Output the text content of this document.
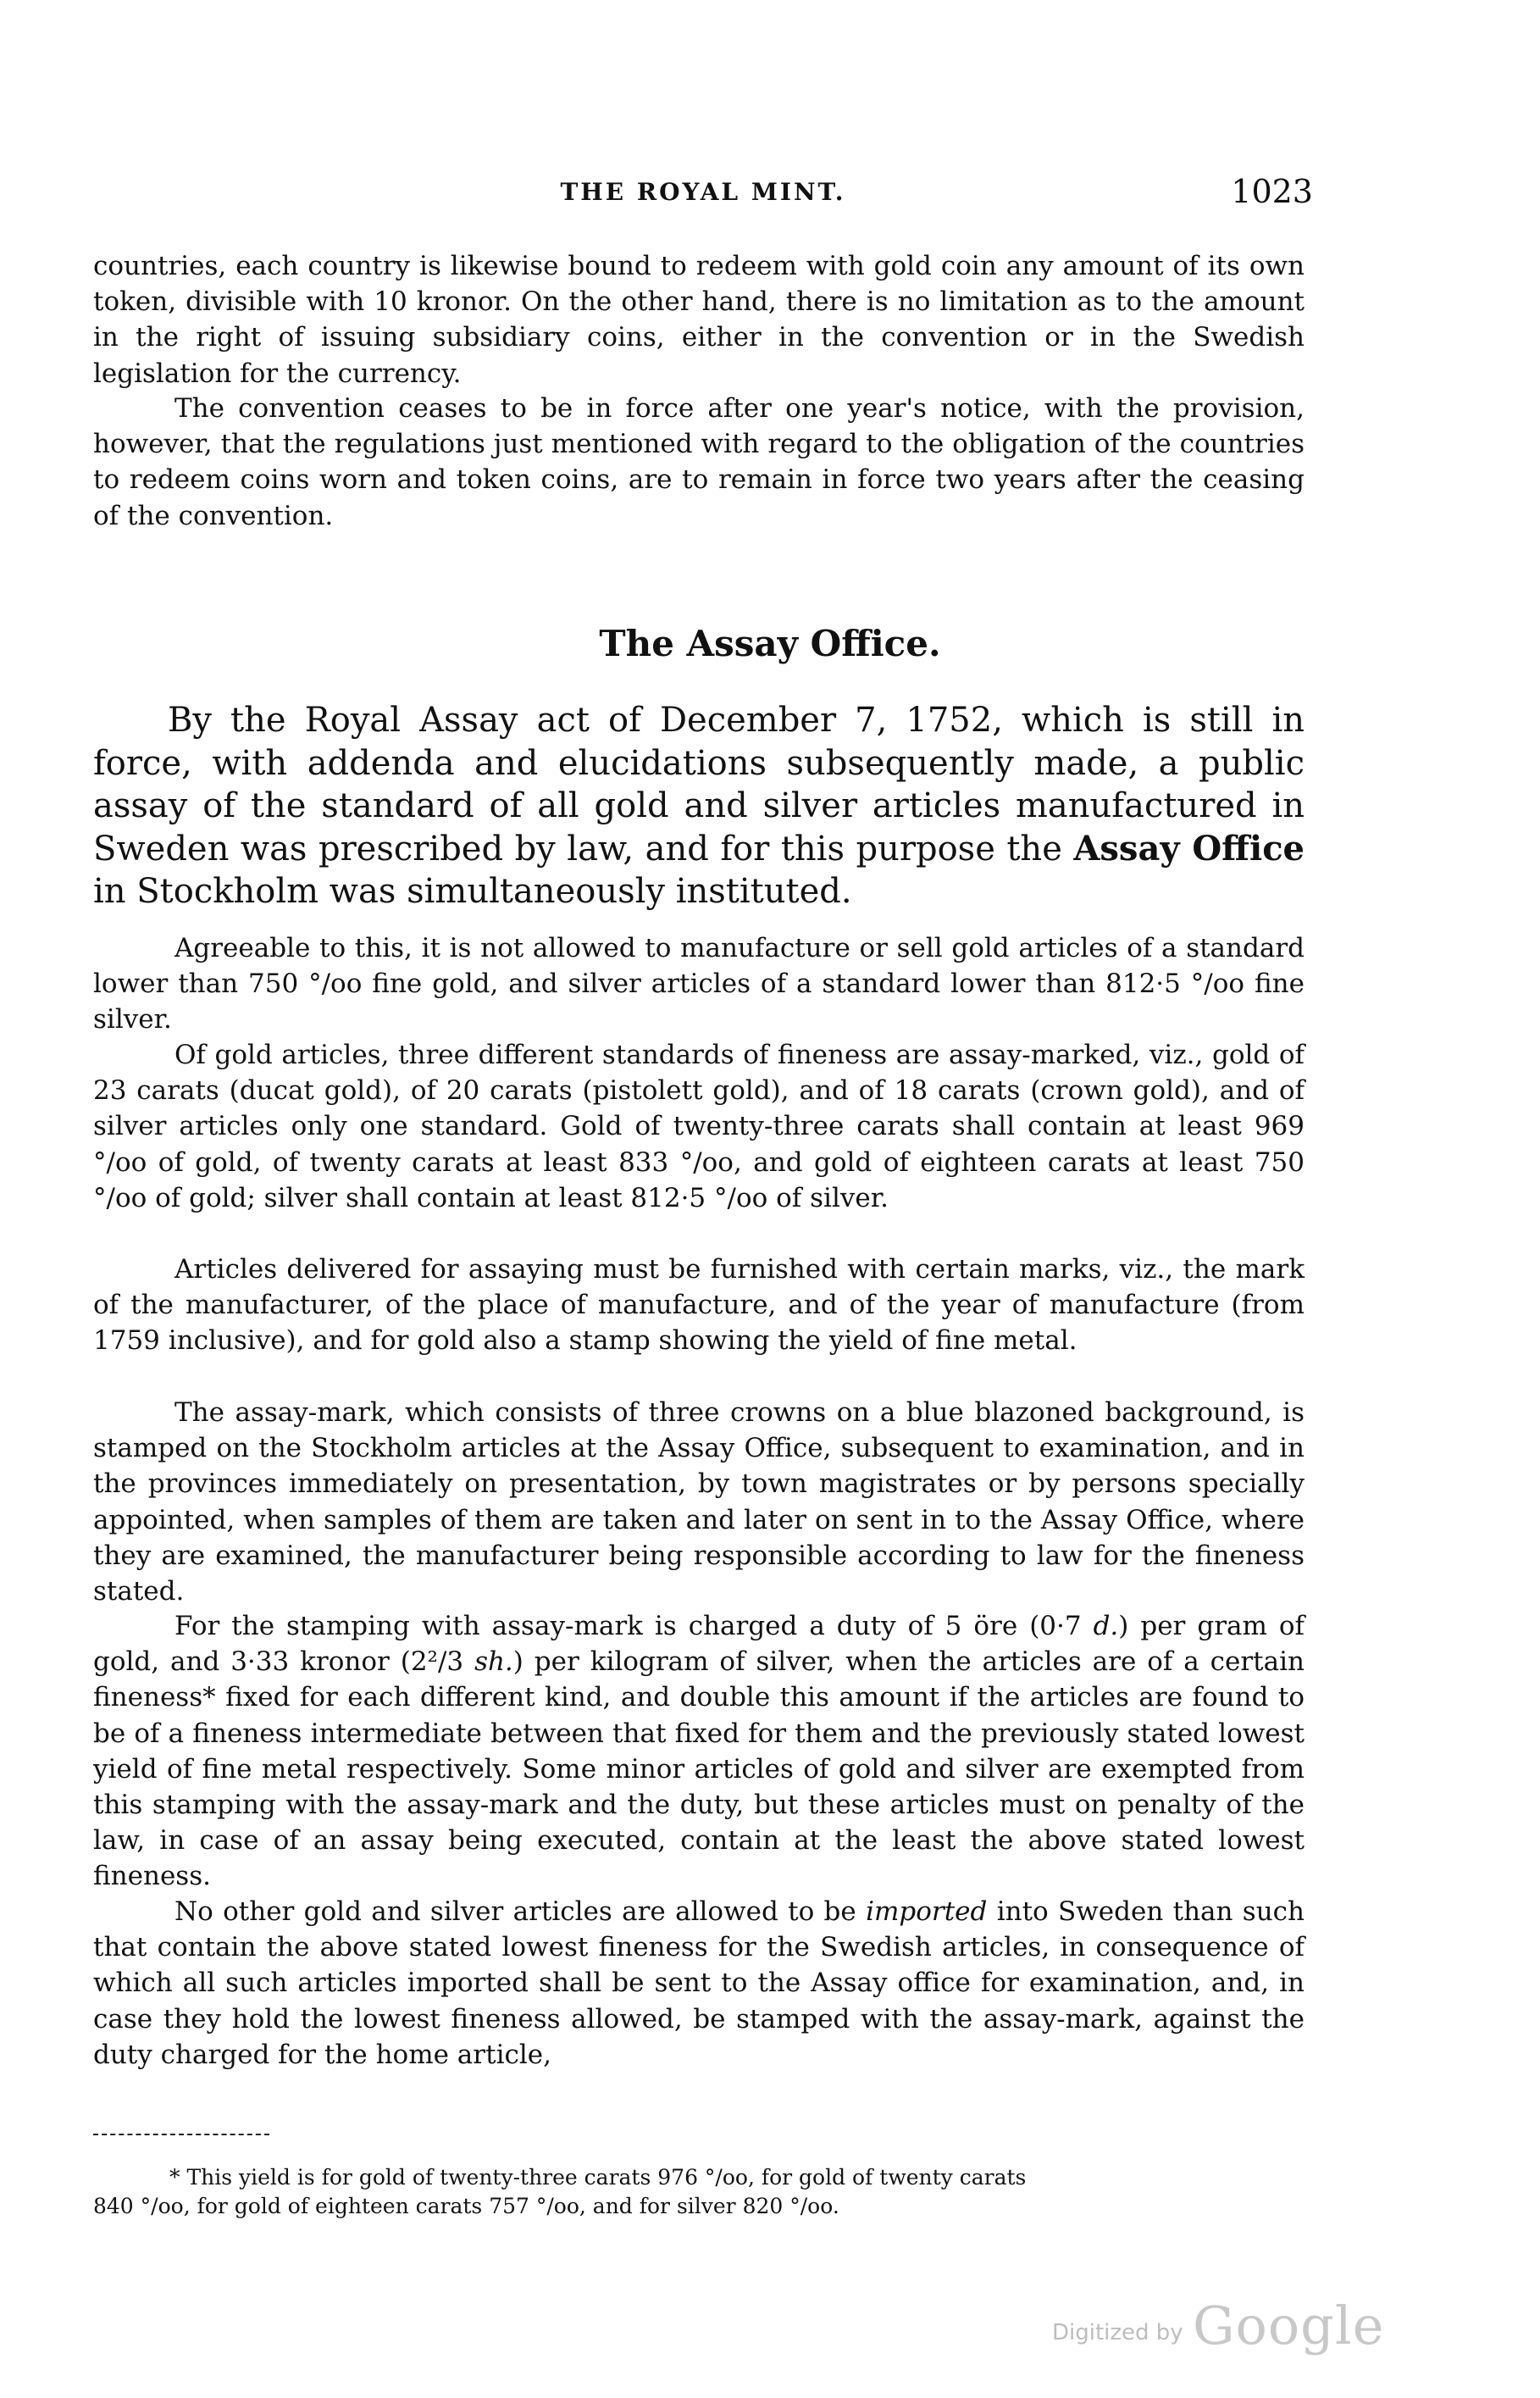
THE ROYAL MINT.	1023

countries, each country is likewise bound to redeem with gold coin any amount of its own token, divisible with 10 kronor. On the other hand, there is no limitation as to the amount in the right of issuing subsidiary coins, either in the convention or in the Swedish legislation for the currency.

The convention ceases to be in force after one year's notice, with the provision, however, that the regulations just mentioned with regard to the obligation of the countries to redeem coins worn and token coins, are to remain in force two years after the ceasing of the convention.

The Assay Office.

By the Royal Assay act of December 7, 1752, which is still in force, with addenda and elucidations subsequently made, a public assay of the standard of all gold and silver articles manufactured in Sweden was prescribed by law, and for this purpose the Assay Office in Stockholm was simultaneously instituted.

Agreeable to this, it is not allowed to manufacture or sell gold articles of a standard lower than 750 °/oo fine gold, and silver articles of a standard lower than 812·5 °/oo fine silver.

Of gold articles, three different standards of fineness are assay-marked, viz., gold of 23 carats (ducat gold), of 20 carats (pistolett gold), and of 18 carats (crown gold), and of silver articles only one standard. Gold of twenty-three carats shall contain at least 969 °/oo of gold, of twenty carats at least 833 °/oo, and gold of eighteen carats at least 750 °/oo of gold; silver shall contain at least 812·5 °/oo of silver.

Articles delivered for assaying must be furnished with certain marks, viz., the mark of the manufacturer, of the place of manufacture, and of the year of manufacture (from 1759 inclusive), and for gold also a stamp showing the yield of fine metal.

The assay-mark, which consists of three crowns on a blue blazoned background, is stamped on the Stockholm articles at the Assay Office, subsequent to examination, and in the provinces immediately on presentation, by town magistrates or by persons specially appointed, when samples of them are taken and later on sent in to the Assay Office, where they are examined, the manufacturer being responsible according to law for the fineness stated.

For the stamping with assay-mark is charged a duty of 5 öre (0·7 d.) per gram of gold, and 3·33 kronor (2²/3 sh.) per kilogram of silver, when the articles are of a certain fineness* fixed for each different kind, and double this amount if the articles are found to be of a fineness intermediate between that fixed for them and the previously stated lowest yield of fine metal respectively. Some minor articles of gold and silver are exempted from this stamping with the assay-mark and the duty, but these articles must on penalty of the law, in case of an assay being executed, contain at the least the above stated lowest fineness.

No other gold and silver articles are allowed to be imported into Sweden than such that contain the above stated lowest fineness for the Swedish articles, in consequence of which all such articles imported shall be sent to the Assay office for examination, and, in case they hold the lowest fineness allowed, be stamped with the assay-mark, against the duty charged for the home article,

* This yield is for gold of twenty-three carats 976 °/oo, for gold of twenty carats
840 °/oo, for gold of eighteen carats 757 °/oo, and for silver 820 °/oo.

Digitized by Google
